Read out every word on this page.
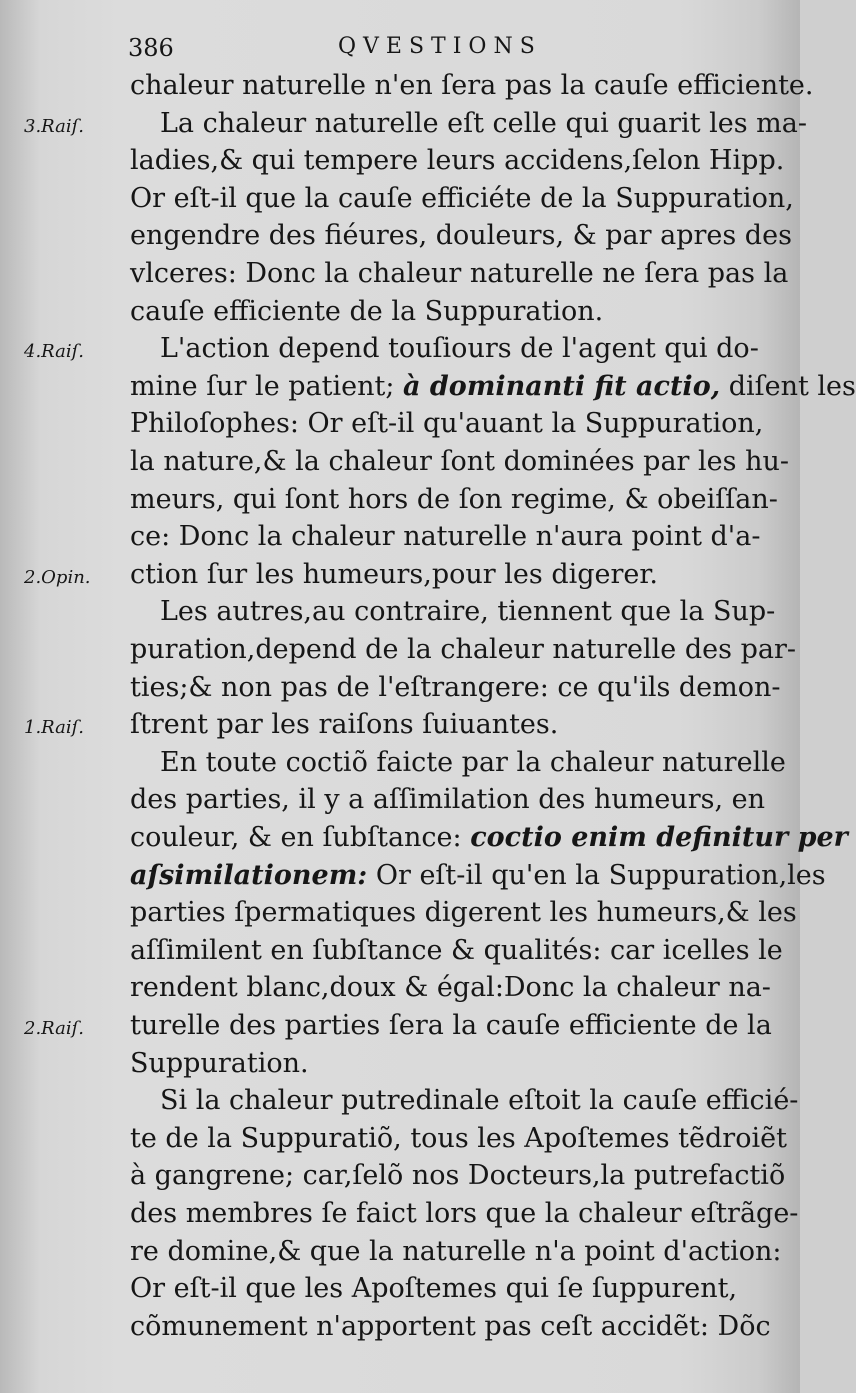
386	QVESTIONS
chaleur naturelle n'en ſera pas la cauſe efficiente.
La chaleur naturelle eſt celle qui guarit les ma-
ladies,& qui tempere leurs accidens,ſelon Hipp.
Or eſt-il que la cauſe efficiéte de la Suppuration,
engendre des fiéures, douleurs, & par apres des
vlceres: Donc la chaleur naturelle ne ſera pas la
cauſe efficiente de la Suppuration.
L'action depend touſiours de l'agent qui do-
mine ſur le patient; à dominanti fit actio, diſent les
Philoſophes: Or eſt-il qu'auant la Suppuration,
la nature,& la chaleur ſont dominées par les hu-
meurs, qui ſont hors de ſon regime, & obeiſſan-
ce: Donc la chaleur naturelle n'aura point d'a-
ction ſur les humeurs,pour les digerer.
Les autres,au contraire, tiennent que la Sup-
puration,depend de la chaleur naturelle des par-
ties;& non pas de l'eſtrangere: ce qu'ils demon-
ſtrent par les raiſons ſuiuantes.
En toute coctiõ faicte par la chaleur naturelle
des parties, il y a aſſimilation des humeurs, en
couleur, & en ſubſtance: coctio enim definitur per
aſsimilationem: Or eſt-il qu'en la Suppuration,les
parties ſpermatiques digerent les humeurs,& les
aſſimilent en ſubſtance & qualités: car icelles le
rendent blanc,doux & égal:Donc la chaleur na-
turelle des parties ſera la cauſe efficiente de la
Suppuration.
Si la chaleur putredinale eſtoit la cauſe efficié-
te de la Suppuratiõ, tous les Apoſtemes tẽdroiẽt
à gangrene; car,ſelõ nos Docteurs,la putrefactiõ
des membres ſe faict lors que la chaleur eſtrãge-
re domine,& que la naturelle n'a point d'action:
Or eſt-il que les Apoſtemes qui ſe ſuppurent,
cõmunement n'apportent pas ceſt accidẽt: Dõc
3.Raiſ.
4.Raiſ.
2.Opin.
1.Raiſ.
2.Raiſ.
